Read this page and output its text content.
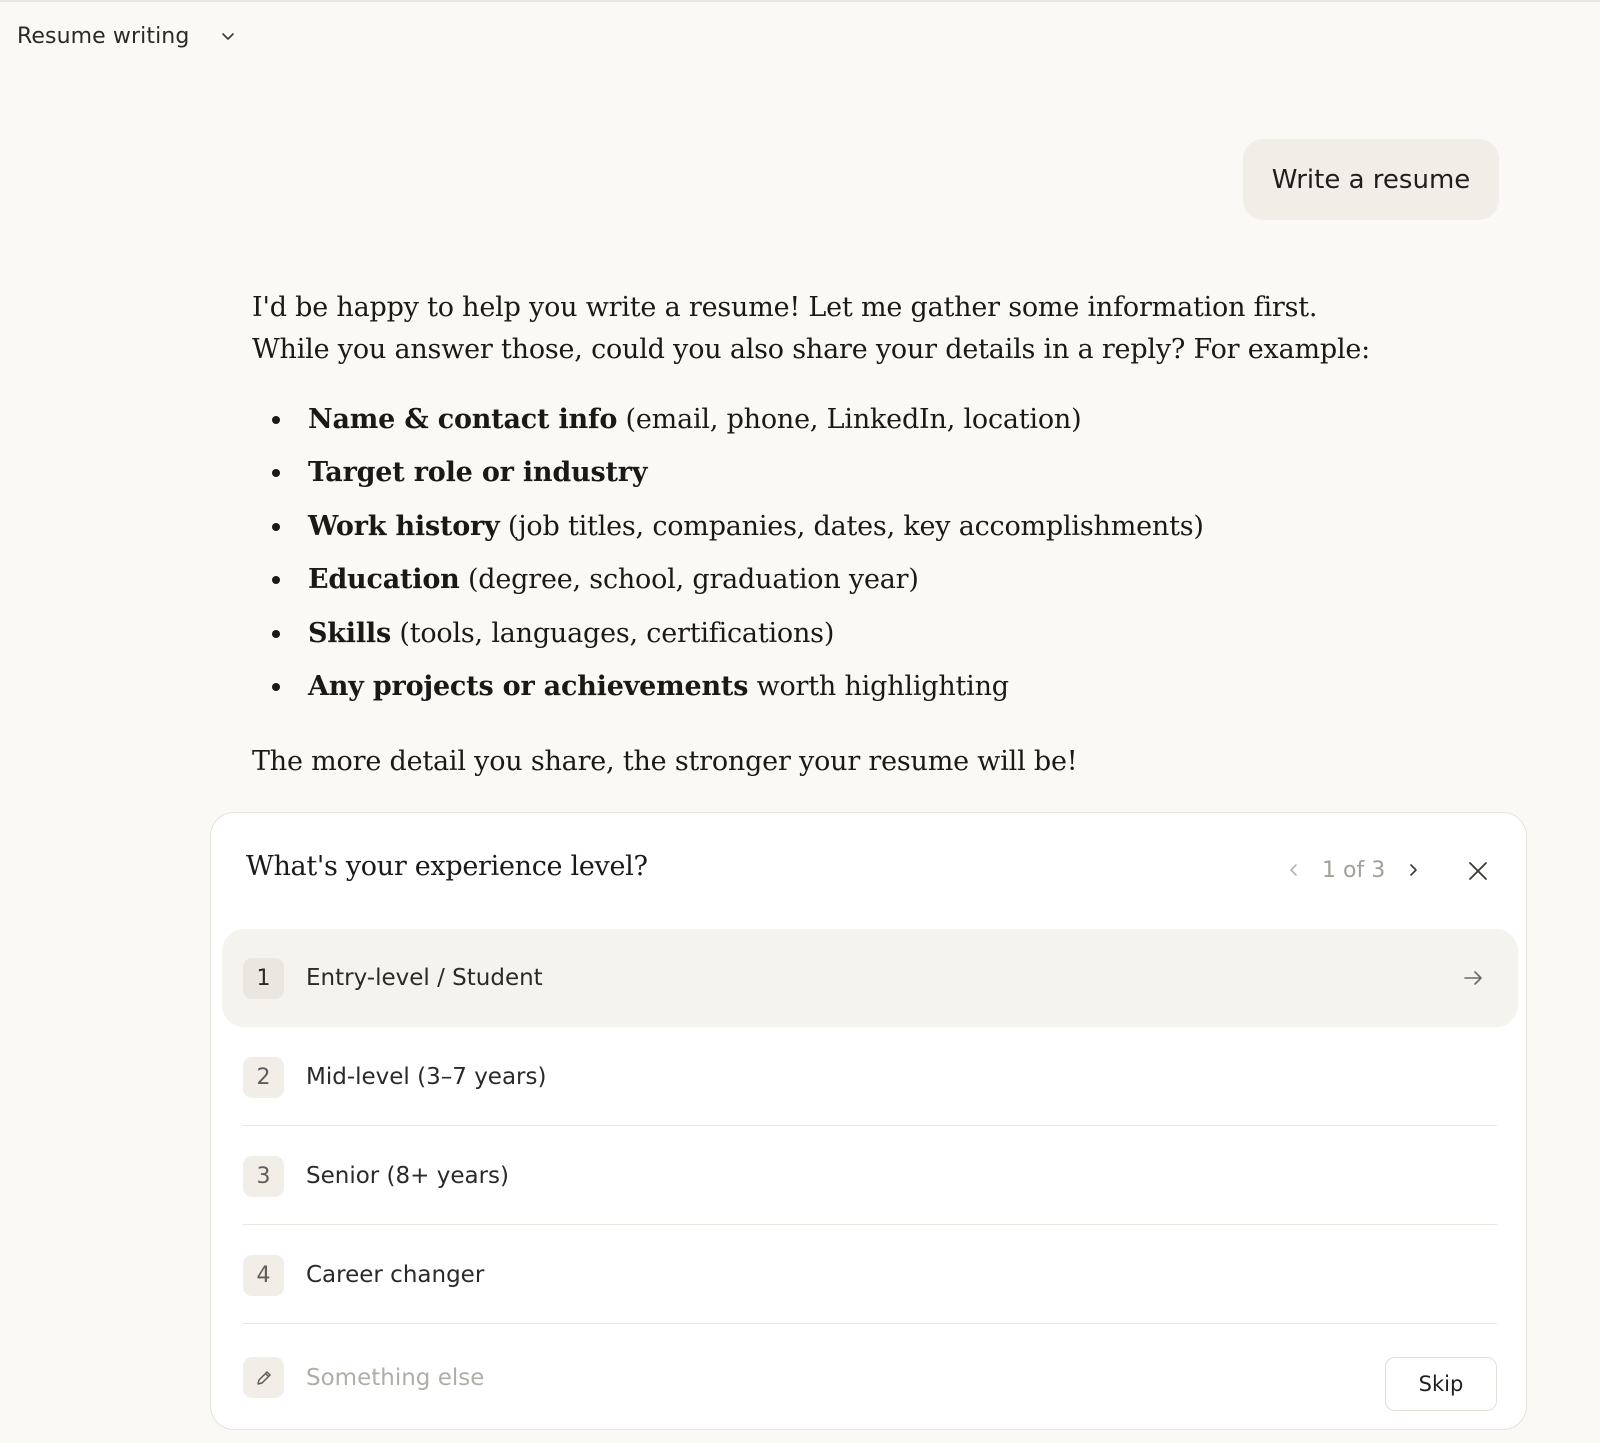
Resume writing
Write a resume

I'd be happy to help you write a resume! Let me gather some information first.

While you answer those, could you also share your details in a reply? For example:

Name & contact info (email, phone, LinkedIn, location)
Target role or industry
Work history (job titles, companies, dates, key accomplishments)
Education (degree, school, graduation year)
Skills (tools, languages, certifications)
Any projects or achievements worth highlighting

The more detail you share, the stronger your resume will be!

What's your experience level?	1 of 3
1	Entry-level / Student
2	Mid-level (3–7 years)
3	Senior (8+ years)
4	Career changer
Something else
Skip
